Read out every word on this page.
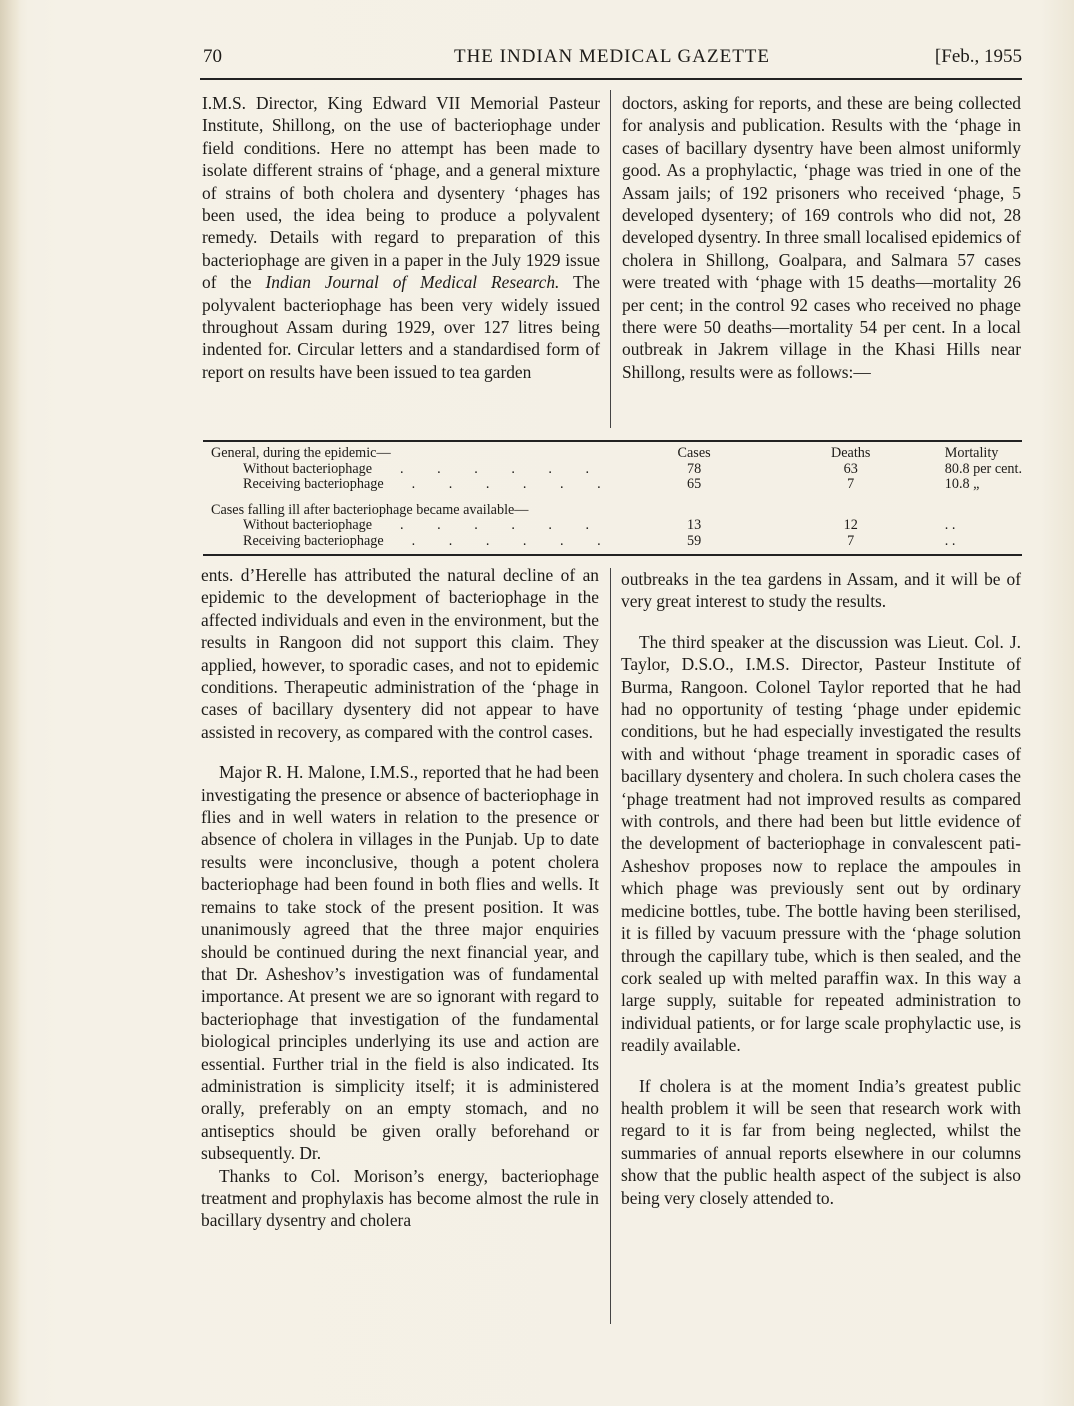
70	THE INDIAN MEDICAL GAZETTE	[Feb., 1955

I.M.S. Director, King Edward VII Memorial Pasteur Institute, Shillong, on the use of bacteriophage under field conditions. Here no attempt has been made to isolate different strains of ‘phage, and a general mixture of strains of both cholera and dysentery ‘phages has been used, the idea being to produce a polyvalent remedy. Details with regard to preparation of this bacteriophage are given in a paper in the July 1929 issue of the Indian Journal of Medical Research. The polyvalent bacteriophage has been very widely issued throughout Assam during 1929, over 127 litres being indented for. Circular letters and a standardised form of report on results have been issued to tea garden

doctors, asking for reports, and these are being collected for analysis and publication. Results with the ‘phage in cases of bacillary dysentry have been almost uniformly good. As a prophylactic, ‘phage was tried in one of the Assam jails; of 192 prisoners who received ‘phage, 5 developed dysentery; of 169 controls who did not, 28 developed dysentry. In three small localised epidemics of cholera in Shillong, Goalpara, and Salmara 57 cases were treated with ‘phage with 15 deaths—mortality 26 per cent; in the control 92 cases who received no phage there were 50 deaths—mortality 54 per cent. In a local outbreak in Jakrem village in the Khasi Hills near Shillong, results were as follows:—

General, during the epidemic—	Cases	Deaths	Mortality
Without bacteriophage . . . . . .	78	63	80.8 per cent.
Receiving bacteriophage . . . . . .	65	7	10.8 „

Cases falling ill after bacteriophage became available—			
Without bacteriophage . . . . . .	13	12	. .
Receiving bacteriophage . . . . . .	59	7	. .

ents. d’Herelle has attributed the natural decline of an epidemic to the development of bacteriophage in the affected individuals and even in the environment, but the results in Rangoon did not support this claim. They applied, however, to sporadic cases, and not to epidemic conditions. Therapeutic administration of the ‘phage in cases of bacillary dysentery did not appear to have assisted in recovery, as compared with the control cases.

Major R. H. Malone, I.M.S., reported that he had been investigating the presence or absence of bacteriophage in flies and in well waters in relation to the presence or absence of cholera in villages in the Punjab. Up to date results were inconclusive, though a potent cholera bacteriophage had been found in both flies and wells. It remains to take stock of the present position. It was unanimously agreed that the three major enquiries should be continued during the next financial year, and that Dr. Asheshov’s investigation was of fundamental importance. At present we are so ignorant with regard to bacteriophage that investigation of the fundamental biological principles underlying its use and action are essential. Further trial in the field is also indicated. Its administration is simplicity itself; it is administered orally, preferably on an empty stomach, and no antiseptics should be given orally beforehand or subsequently. Dr.

Thanks to Col. Morison’s energy, bacteriophage treatment and prophylaxis has become almost the rule in bacillary dysentry and cholera

outbreaks in the tea gardens in Assam, and it will be of very great interest to study the results.

The third speaker at the discussion was Lieut. Col. J. Taylor, D.S.O., I.M.S. Director, Pasteur Institute of Burma, Rangoon. Colonel Taylor reported that he had had no opportunity of testing ‘phage under epidemic conditions, but he had especially investigated the results with and without ‘phage treament in sporadic cases of bacillary dysentery and cholera. In such cholera cases the ‘phage treatment had not improved results as compared with controls, and there had been but little evidence of the development of bacteriophage in convalescent pati- Asheshov proposes now to replace the ampoules in which phage was previously sent out by ordinary medicine bottles, tube. The bottle having been sterilised, it is filled by vacuum pressure with the ‘phage solution through the capillary tube, which is then sealed, and the cork sealed up with melted paraffin wax. In this way a large supply, suitable for repeated administration to individual patients, or for large scale prophylactic use, is readily available.

If cholera is at the moment India’s greatest public health problem it will be seen that research work with regard to it is far from being neglected, whilst the summaries of annual reports elsewhere in our columns show that the public health aspect of the subject is also being very closely attended to.
